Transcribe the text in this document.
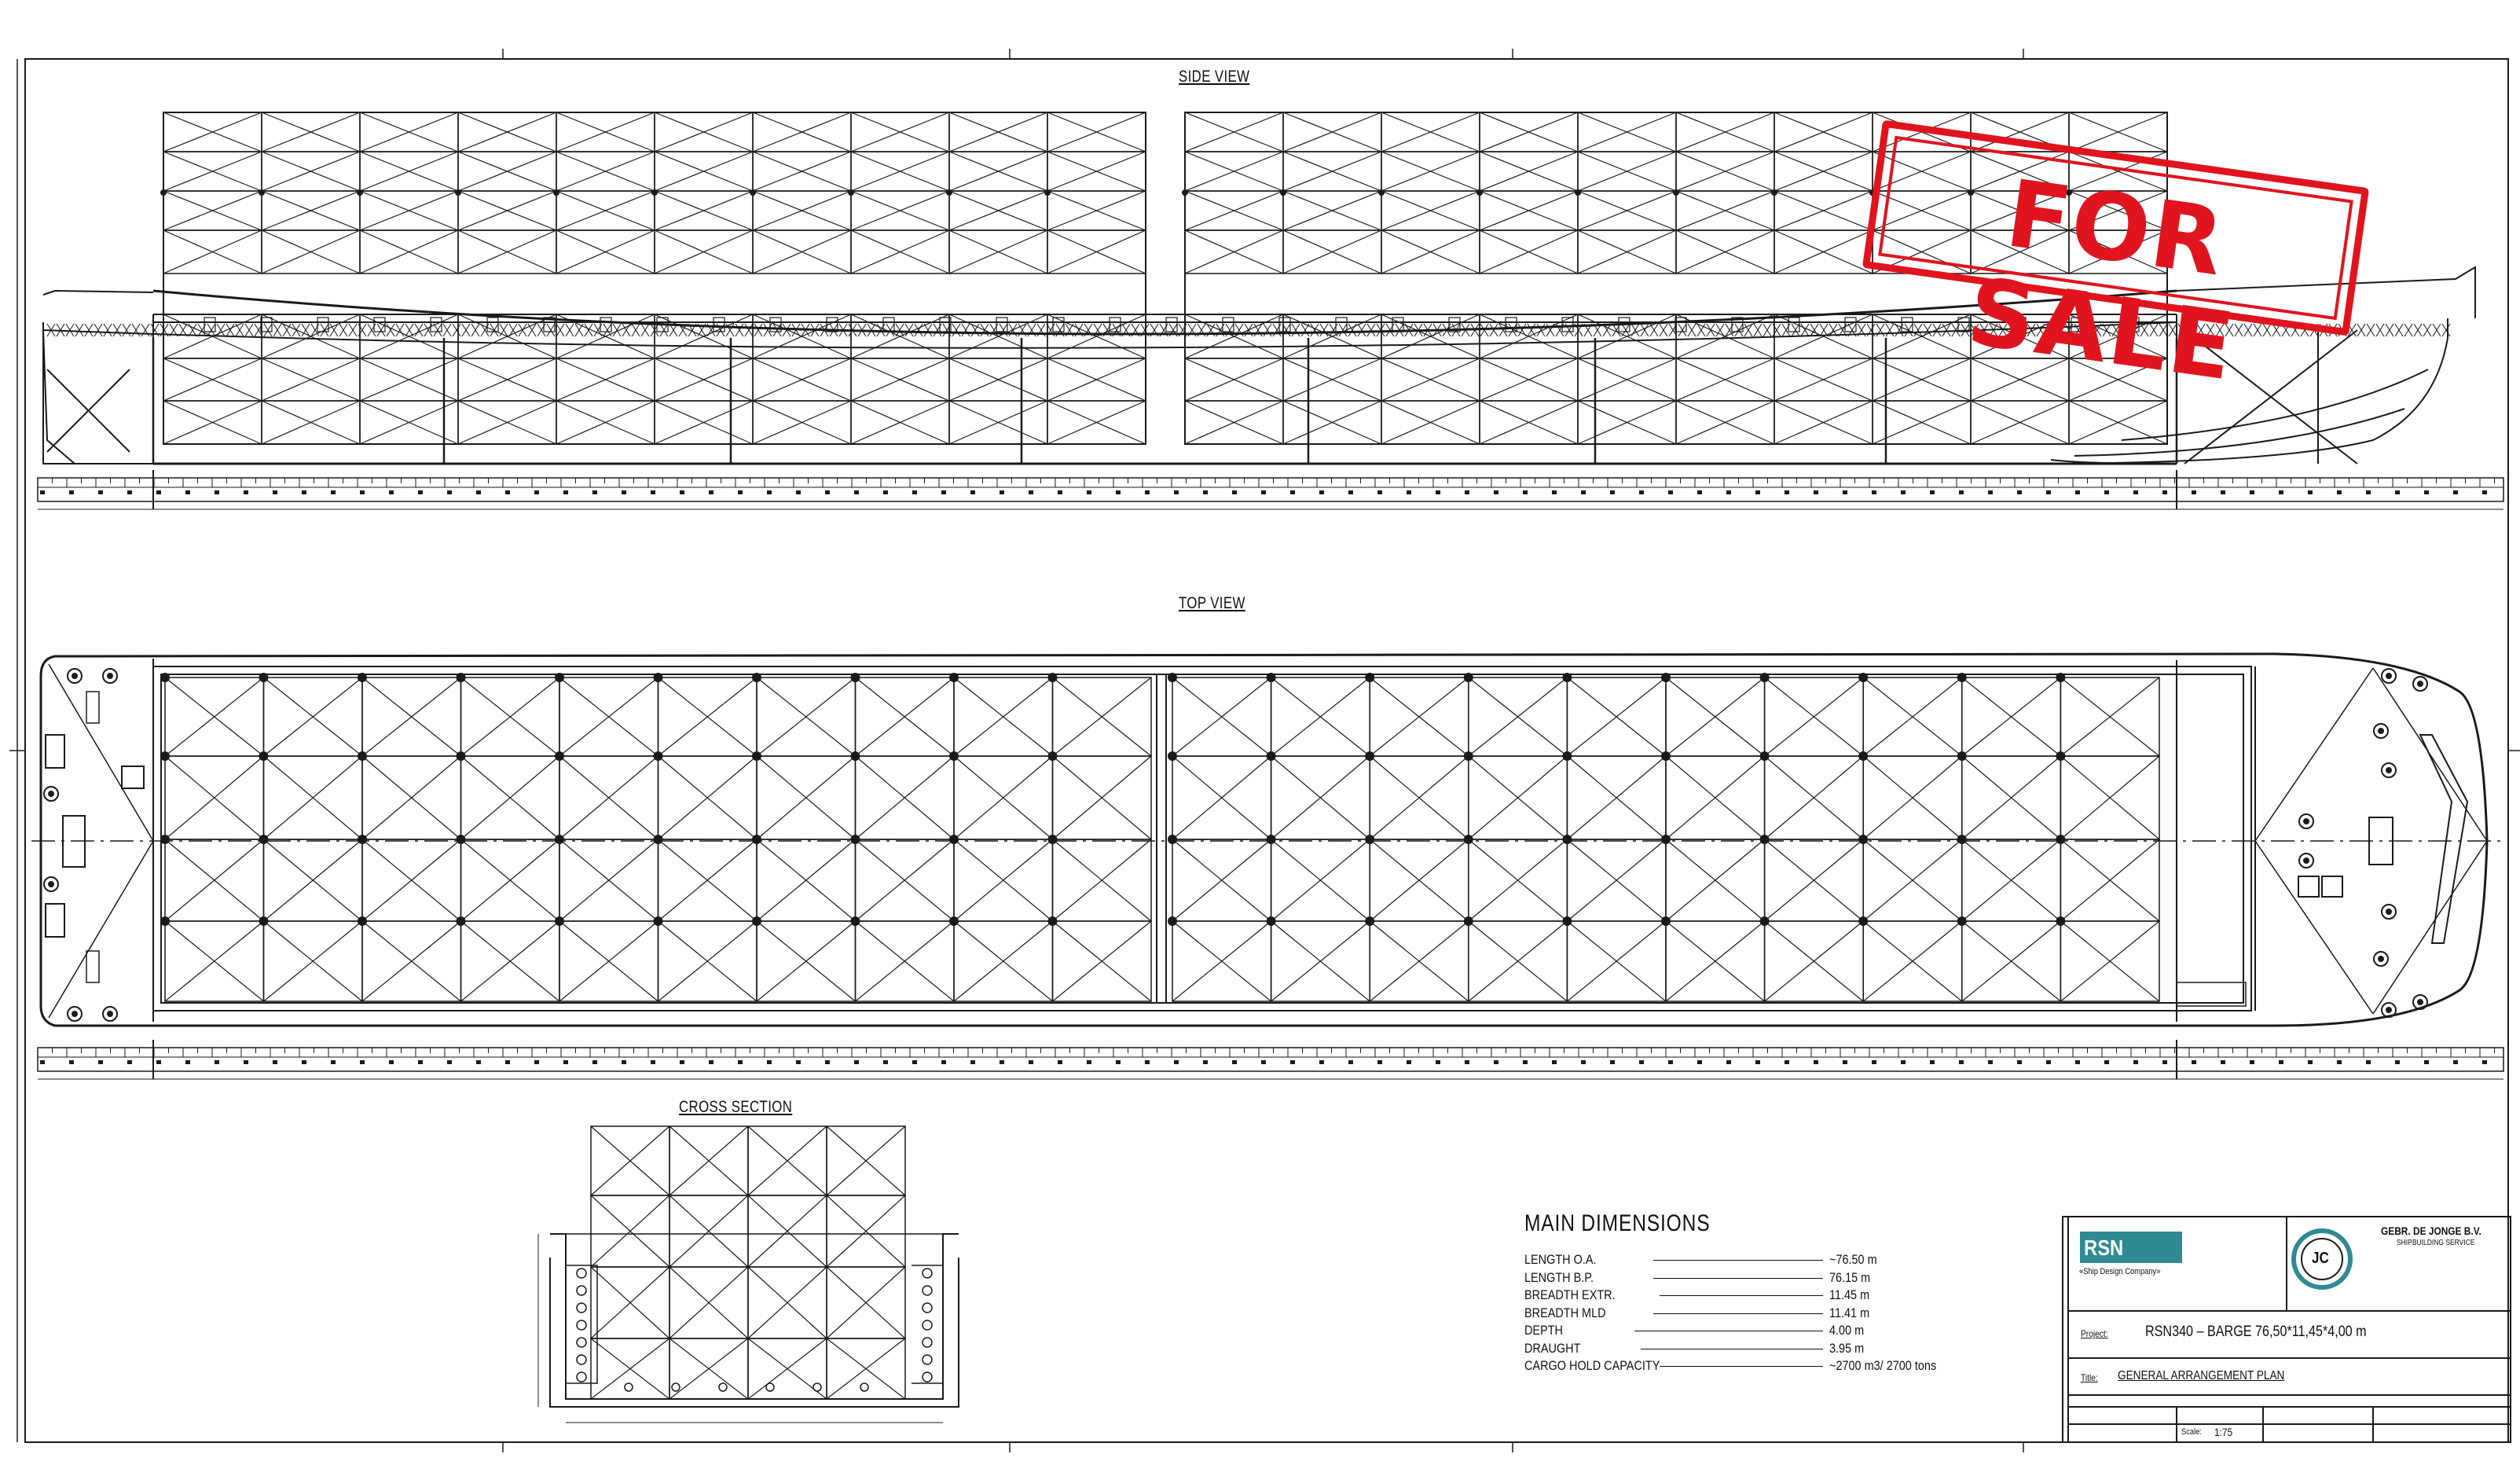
SIDE VIEW
TOP VIEW
CROSS SECTION
FOR SALE
MAIN DIMENSIONS
LENGTH O.A.	~76.50 m
LENGTH B.P.	76.15 m
BREADTH EXTR.	11.45 m
BREADTH MLD	11.41 m
DEPTH	4.00 m
DRAUGHT	3.95 m
CARGO HOLD CAPACITY	~2700 m3/ 2700 tons
RSN
«Ship Design Company»
JC
GEBR. DE JONGE B.V.
SHIPBUILDING SERVICE
Project: RSN340 – BARGE 76,50*11,45*4,00 m
Title: GENERAL ARRANGEMENT PLAN
Scale: 1:75
